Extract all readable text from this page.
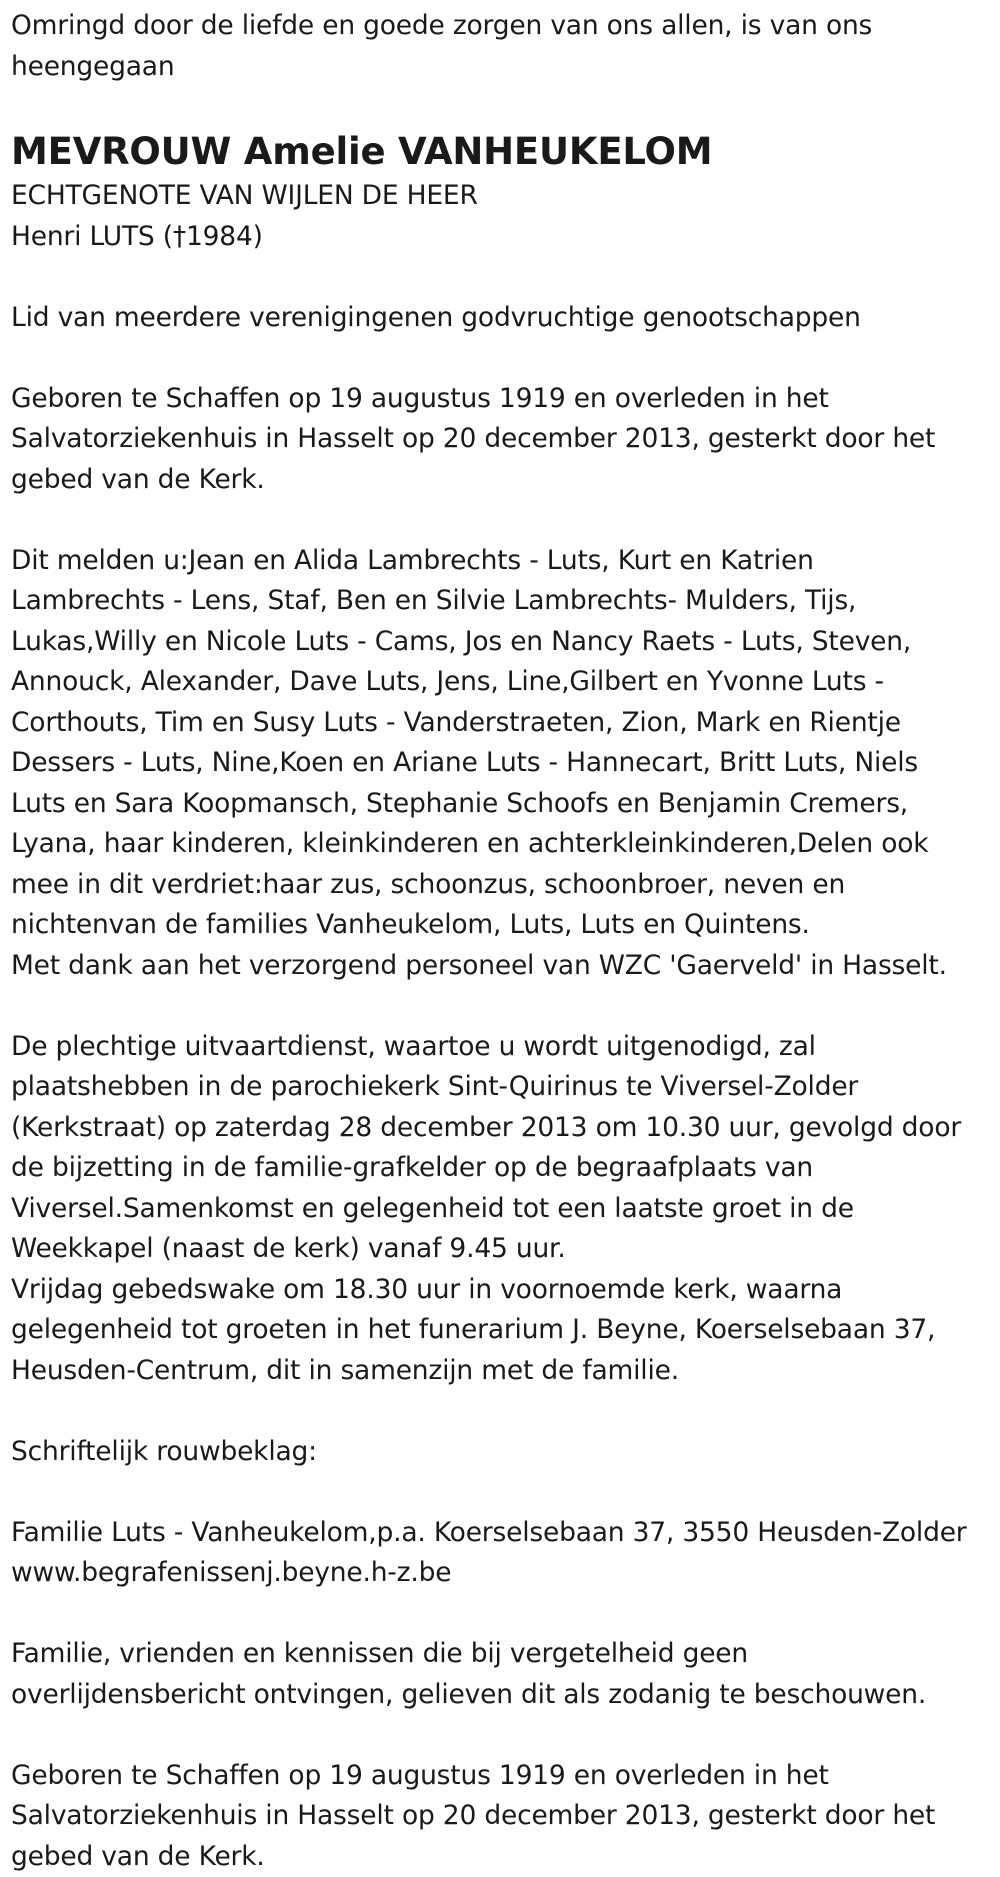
Omringd door de liefde en goede zorgen van ons allen, is van ons
heengegaan

MEVROUW Amelie VANHEUKELOM

ECHTGENOTE VAN WIJLEN DE HEER
Henri LUTS (†1984)

Lid van meerdere verenigingenen godvruchtige genootschappen

Geboren te Schaffen op 19 augustus 1919 en overleden in het
Salvatorziekenhuis in Hasselt op 20 december 2013, gesterkt door het
gebed van de Kerk.

Dit melden u:Jean en Alida Lambrechts - Luts, Kurt en Katrien
Lambrechts - Lens, Staf, Ben en Silvie Lambrechts- Mulders, Tijs,
Lukas,Willy en Nicole Luts - Cams, Jos en Nancy Raets - Luts, Steven,
Annouck, Alexander, Dave Luts, Jens, Line,Gilbert en Yvonne Luts -
Corthouts, Tim en Susy Luts - Vanderstraeten, Zion, Mark en Rientje
Dessers - Luts, Nine,Koen en Ariane Luts - Hannecart, Britt Luts, Niels
Luts en Sara Koopmansch, Stephanie Schoofs en Benjamin Cremers,
Lyana, haar kinderen, kleinkinderen en achterkleinkinderen,Delen ook
mee in dit verdriet:haar zus, schoonzus, schoonbroer, neven en
nichtenvan de families Vanheukelom, Luts, Luts en Quintens.
Met dank aan het verzorgend personeel van WZC 'Gaerveld' in Hasselt.

De plechtige uitvaartdienst, waartoe u wordt uitgenodigd, zal
plaatshebben in de parochiekerk Sint-Quirinus te Viversel-Zolder
(Kerkstraat) op zaterdag 28 december 2013 om 10.30 uur, gevolgd door
de bijzetting in de familie-grafkelder op de begraafplaats van
Viversel.Samenkomst en gelegenheid tot een laatste groet in de
Weekkapel (naast de kerk) vanaf 9.45 uur.
Vrijdag gebedswake om 18.30 uur in voornoemde kerk, waarna
gelegenheid tot groeten in het funerarium J. Beyne, Koerselsebaan 37,
Heusden-Centrum, dit in samenzijn met de familie.

Schriftelijk rouwbeklag:

Familie Luts - Vanheukelom,p.a. Koerselsebaan 37, 3550 Heusden-Zolder
www.begrafenissenj.beyne.h-z.be

Familie, vrienden en kennissen die bij vergetelheid geen
overlijdensbericht ontvingen, gelieven dit als zodanig te beschouwen.

Geboren te Schaffen op 19 augustus 1919 en overleden in het
Salvatorziekenhuis in Hasselt op 20 december 2013, gesterkt door het
gebed van de Kerk.
